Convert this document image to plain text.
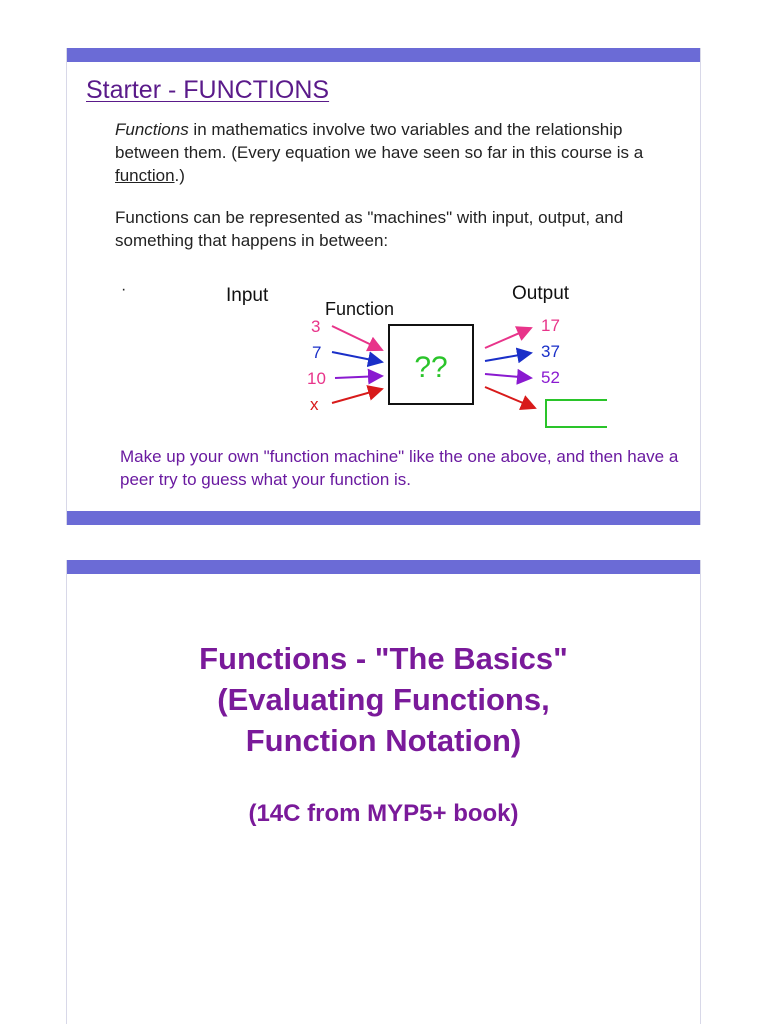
Starter - FUNCTIONS
Functions in mathematics involve two variables and the relationship between them. (Every equation we have seen so far in this course is a function.)
Functions can be represented as "machines" with input, output, and something that happens in between:
·	Input
Function
Output
3
7
10
x
??
17
37
52
Make up your own "function machine" like the one above, and then have a peer try to guess what your function is.
Functions - "The Basics"
(Evaluating Functions,
Function Notation)
(14C from MYP5+ book)
